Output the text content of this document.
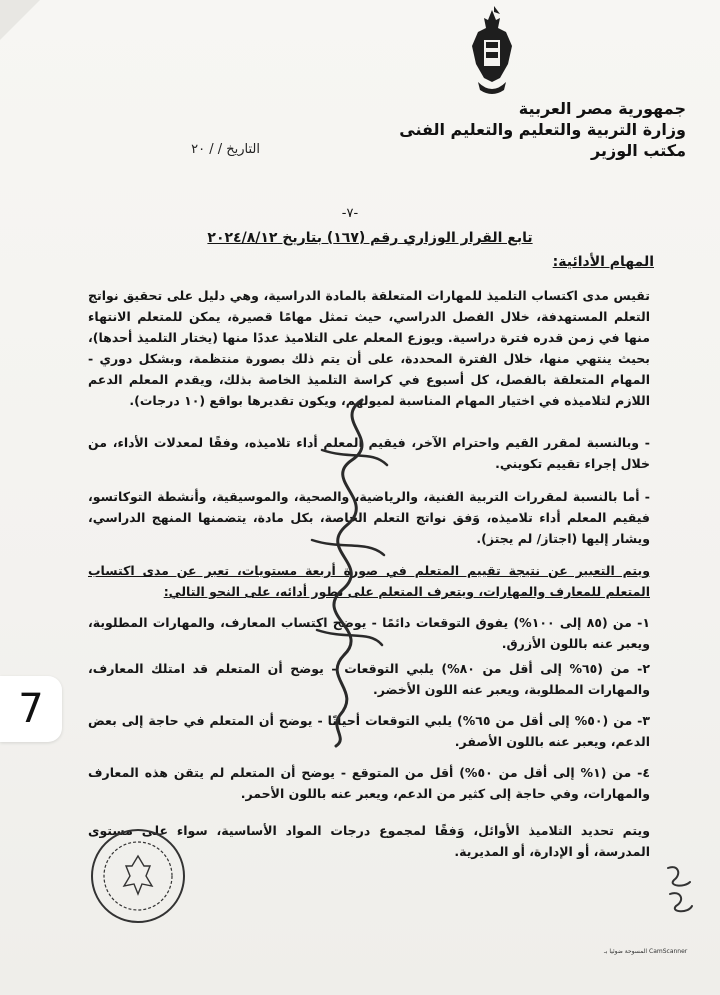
جمهورية مصر العربية
وزارة التربية والتعليم والتعليم الفنى
مكتب الوزير
التاريخ / / ٢٠
-٧-
تابع القرار الوزاري رقم (١٦٧) بتاريخ ٢٠٢٤/٨/١٢
المهام الأدائية:

تقيس مدى اكتساب التلميذ للمهارات المتعلقة بالمادة الدراسية، وهي دليل على تحقيق نواتج التعلم المستهدفة، خلال الفصل الدراسي، حيث تمثل مهامًا قصيرة، يمكن للمتعلم الانتهاء منها في زمن قدره فترة دراسية. ويوزع المعلم على التلاميذ عددًا منها (يختار التلميذ أحدها)، بحيث ينتهي منها، خلال الفترة المحددة، على أن يتم ذلك بصورة منتظمة، وبشكل دوري - المهام المتعلقة بالفصل، كل أسبوع في كراسة التلميذ الخاصة بذلك، ويقدم المعلم الدعم اللازم لتلاميذه في اختيار المهام المناسبة لميولهم، ويكون تقديرها بواقع (١٠ درجات).

- وبالنسبة لمقرر القيم واحترام الآخر، فيقيم المعلم أداء تلاميذه، وفقًا لمعدلات الأداء، من خلال إجراء تقييم تكويني.

- أما بالنسبة لمقررات التربية الفنية، والرياضية، والصحية، والموسيقية، وأنشطة التوكاتسو، فيقيم المعلم أداء تلاميذه، وَفق نواتج التعلم الخاصة، بكل مادة، يتضمنها المنهج الدراسي، ويشار إليها (اجتاز/ لم يجتز).

ويتم التعبير عن نتيجة تقييم المتعلم في صورة أربعة مستويات، تعبر عن مدى اكتساب المتعلم للمعارف والمهارات، ويتعرف المتعلم على تطور أدائه، على النحو التالي:

١- من (٨٥ إلى ١٠٠%) يفوق التوقعات دائمًا - يوضح اكتساب المعارف، والمهارات المطلوبة، ويعبر عنه باللون الأزرق.

٢- من (٦٥% إلى أقل من ٨٠%) يلبي التوقعات - يوضح أن المتعلم قد امتلك المعارف، والمهارات المطلوبة، ويعبر عنه اللون الأخضر.

٣- من (٥٠% إلى أقل من ٦٥%) يلبي التوقعات أحيانًا - يوضح أن المتعلم في حاجة إلى بعض الدعم، ويعبر عنه باللون الأصفر.

٤- من (١% إلى أقل من ٥٠%) أقل من المتوقع - يوضح أن المتعلم لم يتقن هذه المعارف والمهارات، وفي حاجة إلى كثير من الدعم، ويعبر عنه باللون الأحمر.

ويتم تحديد التلاميذ الأوائل، وَفقًا لمجموع درجات المواد الأساسية، سواء على مستوى المدرسة، أو الإدارة، أو المديرية.

7
CamScanner المسوحة ضوئيا بـ
